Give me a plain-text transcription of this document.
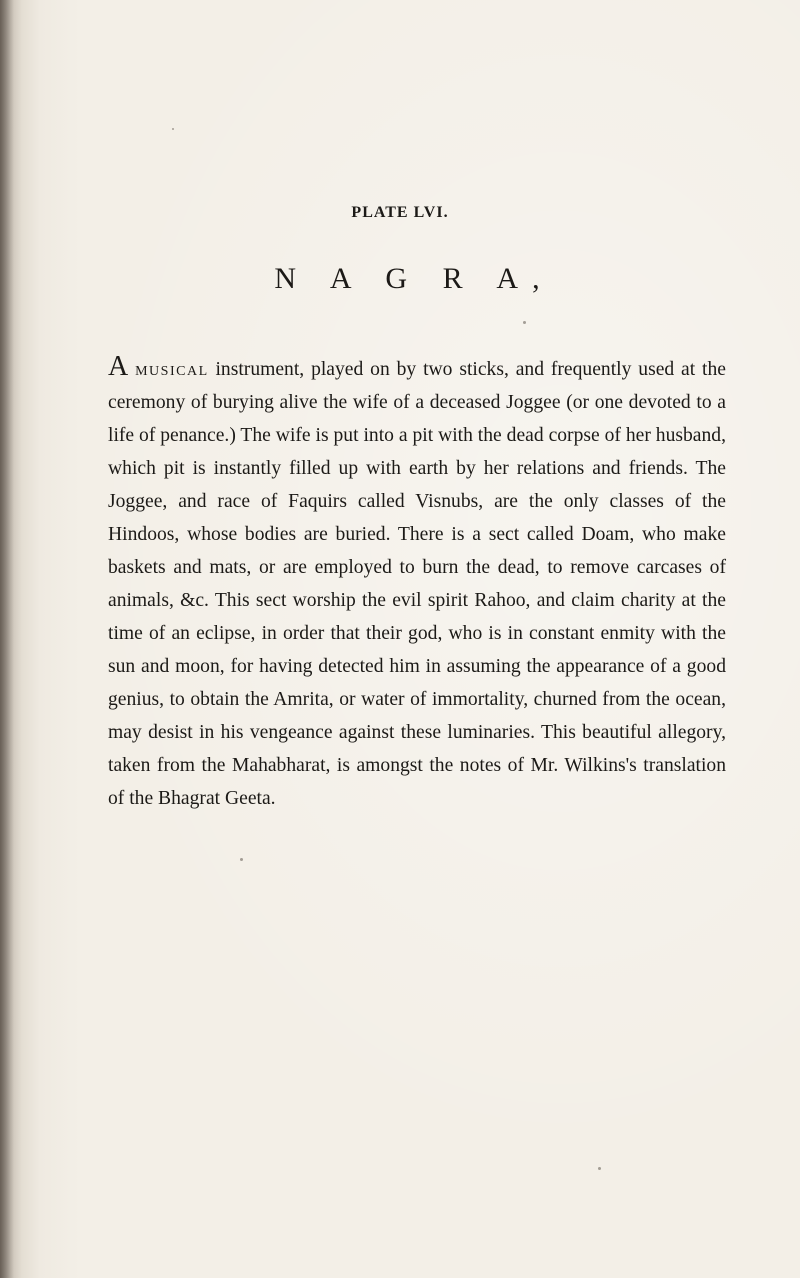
PLATE LVI.
N A G R A,

A musical instrument, played on by two sticks, and frequently used at the ceremony of burying alive the wife of a deceased Joggee (or one devoted to a life of penance.) The wife is put into a pit with the dead corpse of her husband, which pit is instantly filled up with earth by her relations and friends. The Joggee, and race of Faquirs called Visnubs, are the only classes of the Hindoos, whose bodies are buried. There is a sect called Doam, who make baskets and mats, or are employed to burn the dead, to remove carcases of animals, &c. This sect worship the evil spirit Rahoo, and claim charity at the time of an eclipse, in order that their god, who is in constant enmity with the sun and moon, for having detected him in assuming the appearance of a good genius, to obtain the Amrita, or water of immortality, churned from the ocean, may desist in his vengeance against these luminaries. This beautiful allegory, taken from the Mahabharat, is amongst the notes of Mr. Wilkins's translation of the Bhagrat Geeta.
